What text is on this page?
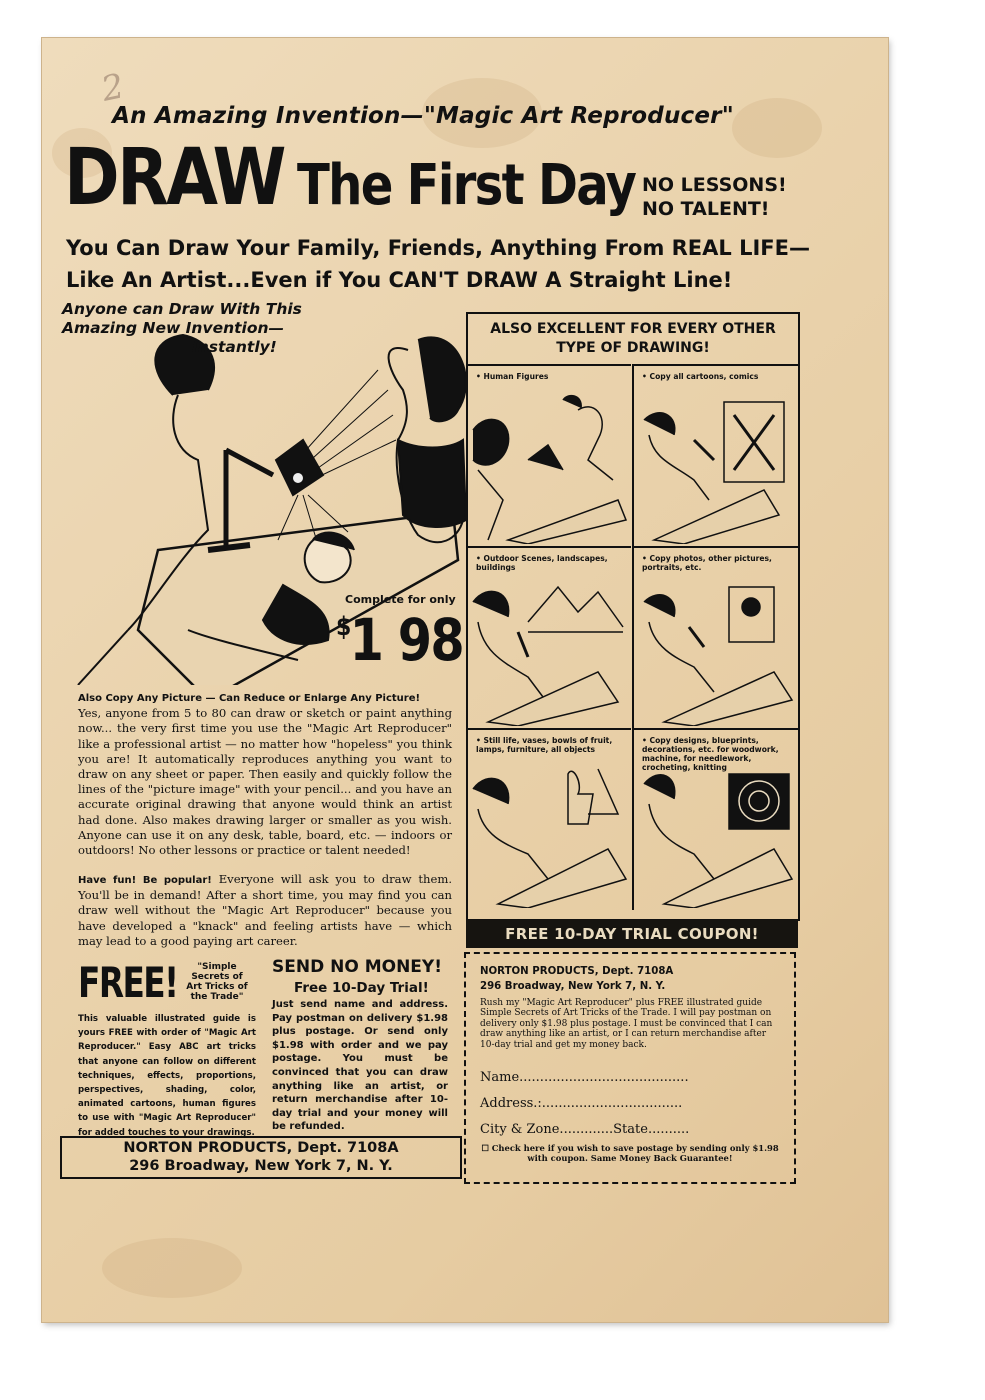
2
An Amazing Invention—"Magic Art Reproducer"
DRAW The First Day NO LESSONS!
NO TALENT!
You Can Draw Your Family, Friends, Anything From REAL LIFE—
Like An Artist...Even if You CAN'T DRAW A Straight Line!
Anyone can Draw With This
Amazing New Invention—
Instantly!
Complete for only
$1 98
Also Copy Any Picture — Can Reduce or Enlarge Any Picture!
Yes, anyone from 5 to 80 can draw or sketch or paint anything now... the very first time you use the "Magic Art Reproducer" like a professional artist — no matter how "hopeless" you think you are! It automatically reproduces anything you want to draw on any sheet or paper. Then easily and quickly follow the lines of the "picture image" with your pencil... and you have an accurate original drawing that anyone would think an artist had done. Also makes drawing larger or smaller as you wish. Anyone can use it on any desk, table, board, etc. — indoors or outdoors! No other lessons or practice or talent needed!
Have fun! Be popular! Everyone will ask you to draw them. You'll be in demand! After a short time, you may find you can draw well without the "Magic Art Reproducer" because you have developed a "knack" and feeling artists have — which may lead to a good paying art career.
FREE!	"Simple Secrets of Art Tricks of the Trade"
This valuable illustrated guide is yours FREE with order of "Magic Art Reproducer." Easy ABC art tricks that anyone can follow on different techniques, effects, proportions, perspectives, shading, color, animated cartoons, human figures to use with "Magic Art Reproducer" for added touches to your drawings.
SEND NO MONEY!
Free 10-Day Trial!
Just send name and address. Pay postman on delivery $1.98 plus postage. Or send only $1.98 with order and we pay postage. You must be convinced that you can draw anything like an artist, or return merchandise after 10-day trial and your money will be refunded.
NORTON PRODUCTS, Dept. 7108A
296 Broadway, New York 7, N. Y.
ALSO EXCELLENT FOR EVERY OTHER
TYPE OF DRAWING!
• Human Figures	• Copy all cartoons, comics
• Outdoor Scenes, landscapes, buildings
• Copy photos, other pictures, portraits, etc.
• Still life, vases, bowls of fruit, lamps, furniture, all objects
• Copy designs, blueprints, decorations, etc. for woodwork, machine, for needlework, crocheting, knitting
FREE 10-DAY TRIAL COUPON!
NORTON PRODUCTS, Dept. 7108A
296 Broadway, New York 7, N. Y.
Rush my "Magic Art Reproducer" plus FREE illustrated guide Simple Secrets of Art Tricks of the Trade. I will pay postman on delivery only $1.98 plus postage. I must be convinced that I can draw anything like an artist, or I can return merchandise after 10-day trial and get my money back.
Name.........................................
Address.:..................................
City & Zone.............State..........
☐ Check here if you wish to save postage by sending only $1.98 with coupon. Same Money Back Guarantee!
